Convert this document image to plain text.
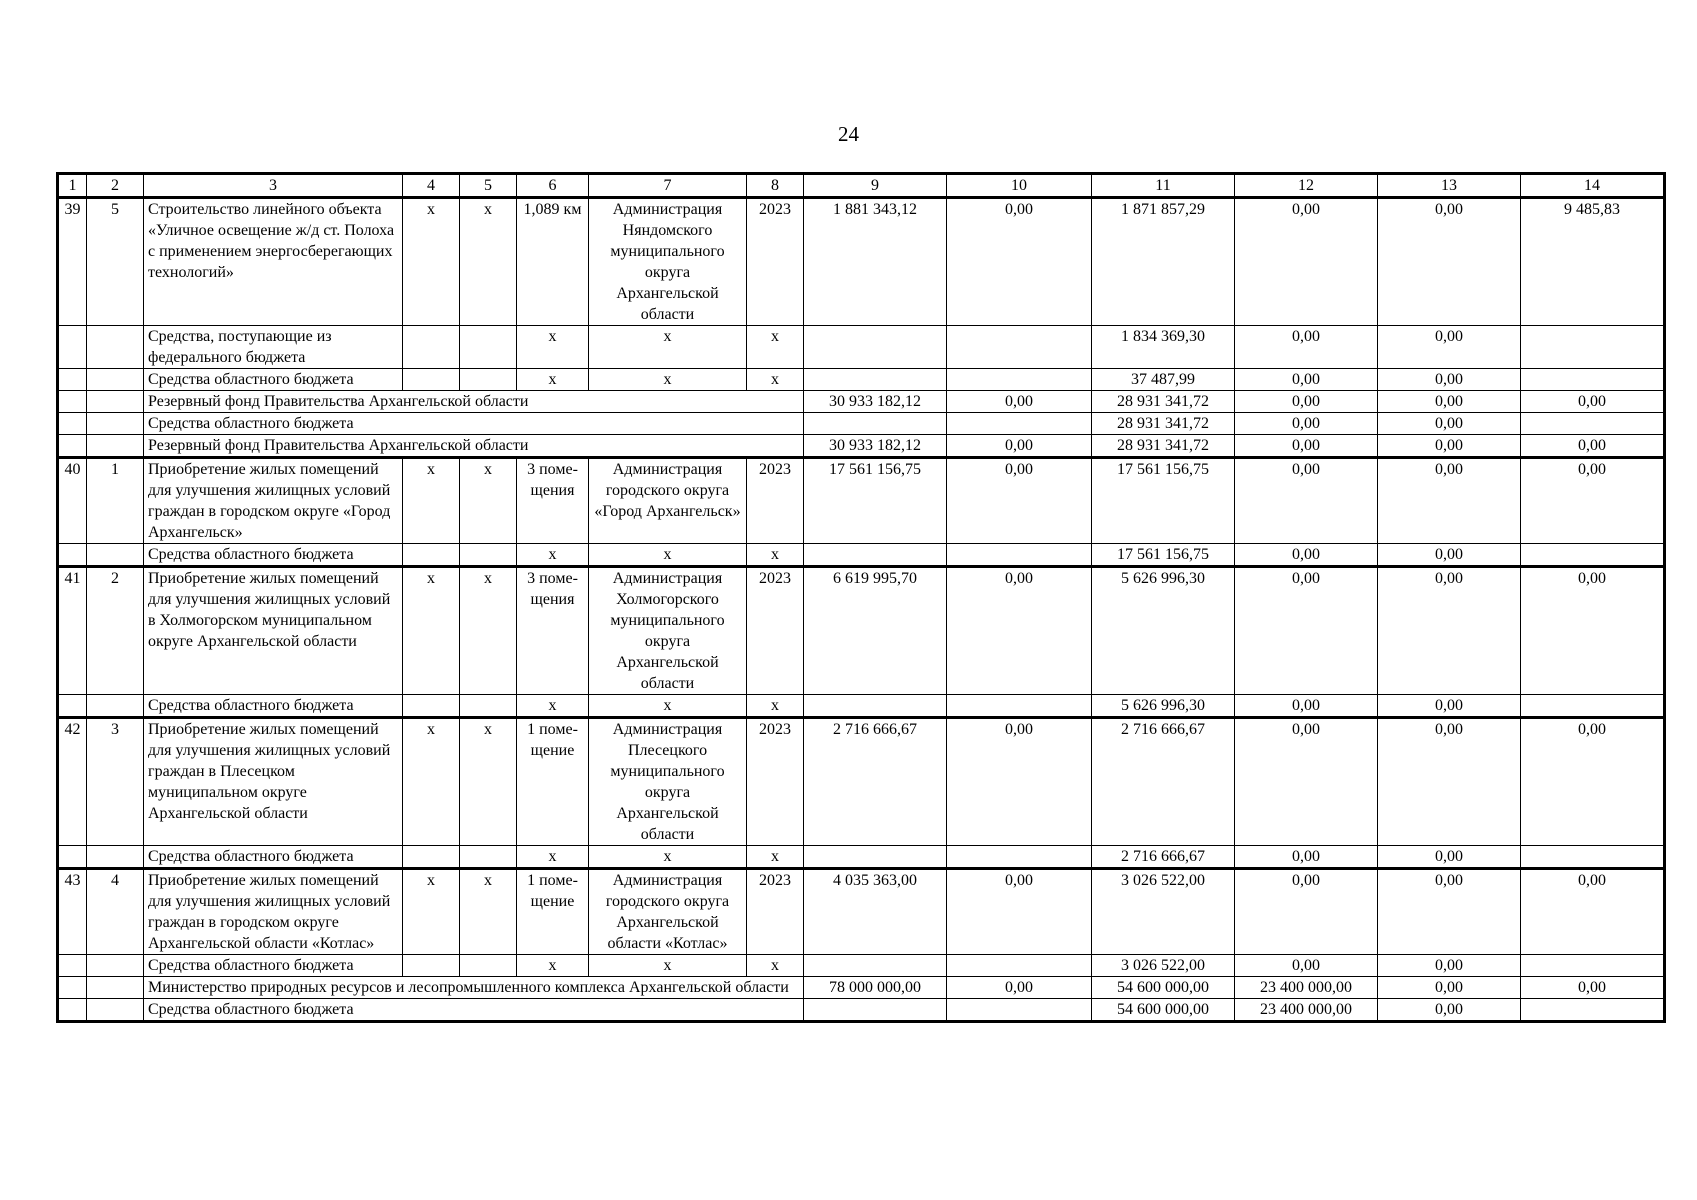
24
1	2	3	4	5	6	7	8	9	10	11	12	13	14
39	5	Строительство линейного объекта «Уличное освещение ж/д ст. Полоха с применением энергосберегающих технологий»	х	х	1,089 км	Администрация Няндомского муниципального округа Архангельской области	2023	1 881 343,12	0,00	1 871 857,29	0,00	0,00	9 485,83
		Средства, поступающие из федерального бюджета			х	х	х			1 834 369,30	0,00	0,00	
		Средства областного бюджета			х	х	х			37 487,99	0,00	0,00	
		Резервный фонд Правительства Архангельской области						30 933 182,12	0,00	28 931 341,72	0,00	0,00	0,00
		Средства областного бюджета								28 931 341,72	0,00	0,00	
		Резервный фонд Правительства Архангельской области						30 933 182,12	0,00	28 931 341,72	0,00	0,00	0,00
40	1	Приобретение жилых помещений для улучшения жилищных условий граждан в городском округе «Город Архангельск»	х	х	3 поме-щения	Администрация городского округа «Город Архангельск»	2023	17 561 156,75	0,00	17 561 156,75	0,00	0,00	0,00
		Средства областного бюджета			х	х	х			17 561 156,75	0,00	0,00	
41	2	Приобретение жилых помещений для улучшения жилищных условий в Холмогорском муниципальном округе Архангельской области	х	х	3 поме-щения	Администрация Холмогорского муниципального округа Архангельской области	2023	6 619 995,70	0,00	5 626 996,30	0,00	0,00	0,00
		Средства областного бюджета			х	х	х			5 626 996,30	0,00	0,00	
42	3	Приобретение жилых помещений для улучшения жилищных условий граждан в Плесецком муниципальном округе Архангельской области	х	х	1 поме-щение	Администрация Плесецкого муниципального округа Архангельской области	2023	2 716 666,67	0,00	2 716 666,67	0,00	0,00	0,00
		Средства областного бюджета			х	х	х			2 716 666,67	0,00	0,00	
43	4	Приобретение жилых помещений для улучшения жилищных условий граждан в городском округе Архангельской области «Котлас»	х	х	1 поме-щение	Администрация городского округа Архангельской области «Котлас»	2023	4 035 363,00	0,00	3 026 522,00	0,00	0,00	0,00
		Средства областного бюджета			х	х	х			3 026 522,00	0,00	0,00	
		Министерство природных ресурсов и лесопромышленного комплекса Архангельской области						78 000 000,00	0,00	54 600 000,00	23 400 000,00	0,00	0,00
		Средства областного бюджета								54 600 000,00	23 400 000,00	0,00	
